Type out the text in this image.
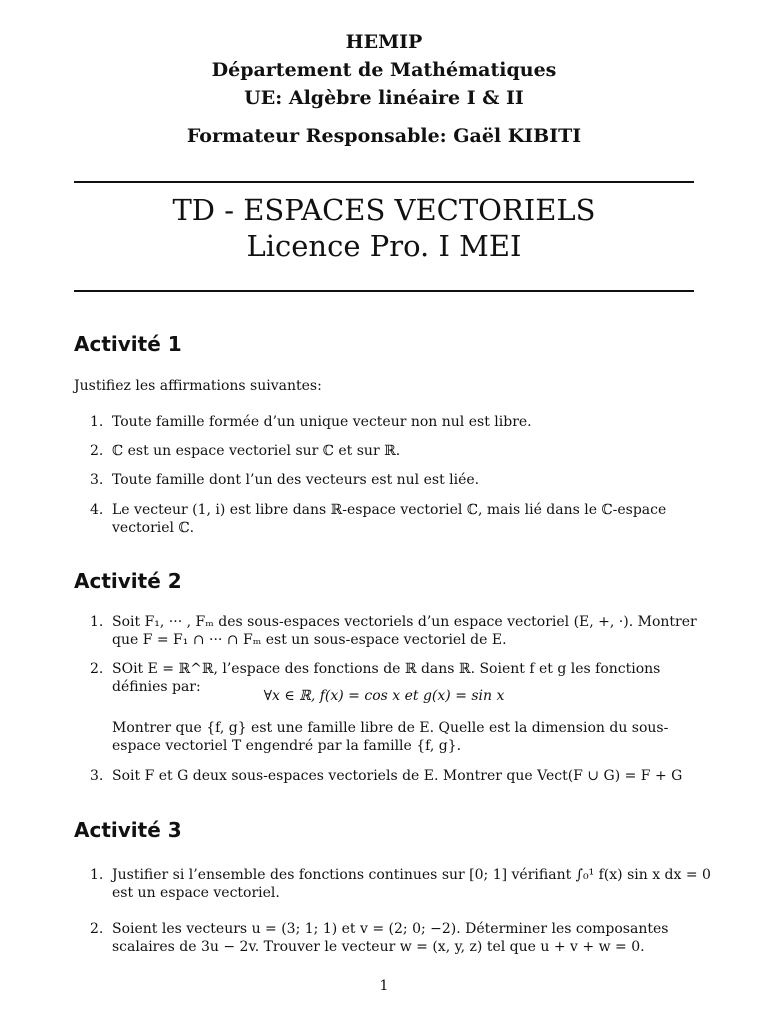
HEMIP
Département de Mathématiques
UE: Algèbre linéaire I & II
Formateur Responsable: Gaël KIBITI
TD - ESPACES VECTORIELS
Licence Pro. I MEI
Activité 1
Justifiez les affirmations suivantes:
1. Toute famille formée d’un unique vecteur non nul est libre.
2. ℂ est un espace vectoriel sur ℂ et sur ℝ.
3. Toute famille dont l’un des vecteurs est nul est liée.
4. Le vecteur (1, i) est libre dans ℝ-espace vectoriel ℂ, mais lié dans le ℂ-espace vectoriel ℂ.
Activité 2
1. Soit F₁, ··· , Fₘ des sous-espaces vectoriels d’un espace vectoriel (E, +, ·). Montrer que F = F₁ ∩ ··· ∩ Fₘ est un sous-espace vectoriel de E.
2. SOit E = ℝ^ℝ, l’espace des fonctions de ℝ dans ℝ. Soient f et g les fonctions définies par:
∀x ∈ ℝ, f(x) = cos x et g(x) = sin x
Montrer que {f, g} est une famille libre de E. Quelle est la dimension du sous-espace vectoriel T engendré par la famille {f, g}.
3. Soit F et G deux sous-espaces vectoriels de E. Montrer que Vect(F ∪ G) = F + G
Activité 3
1. Justifier si l’ensemble des fonctions continues sur [0; 1] vérifiant ∫₀¹ f(x) sin x dx = 0 est un espace vectoriel.
2. Soient les vecteurs u = (3; 1; 1) et v = (2; 0; −2). Déterminer les composantes scalaires de 3u − 2v. Trouver le vecteur w = (x, y, z) tel que u + v + w = 0.
1
